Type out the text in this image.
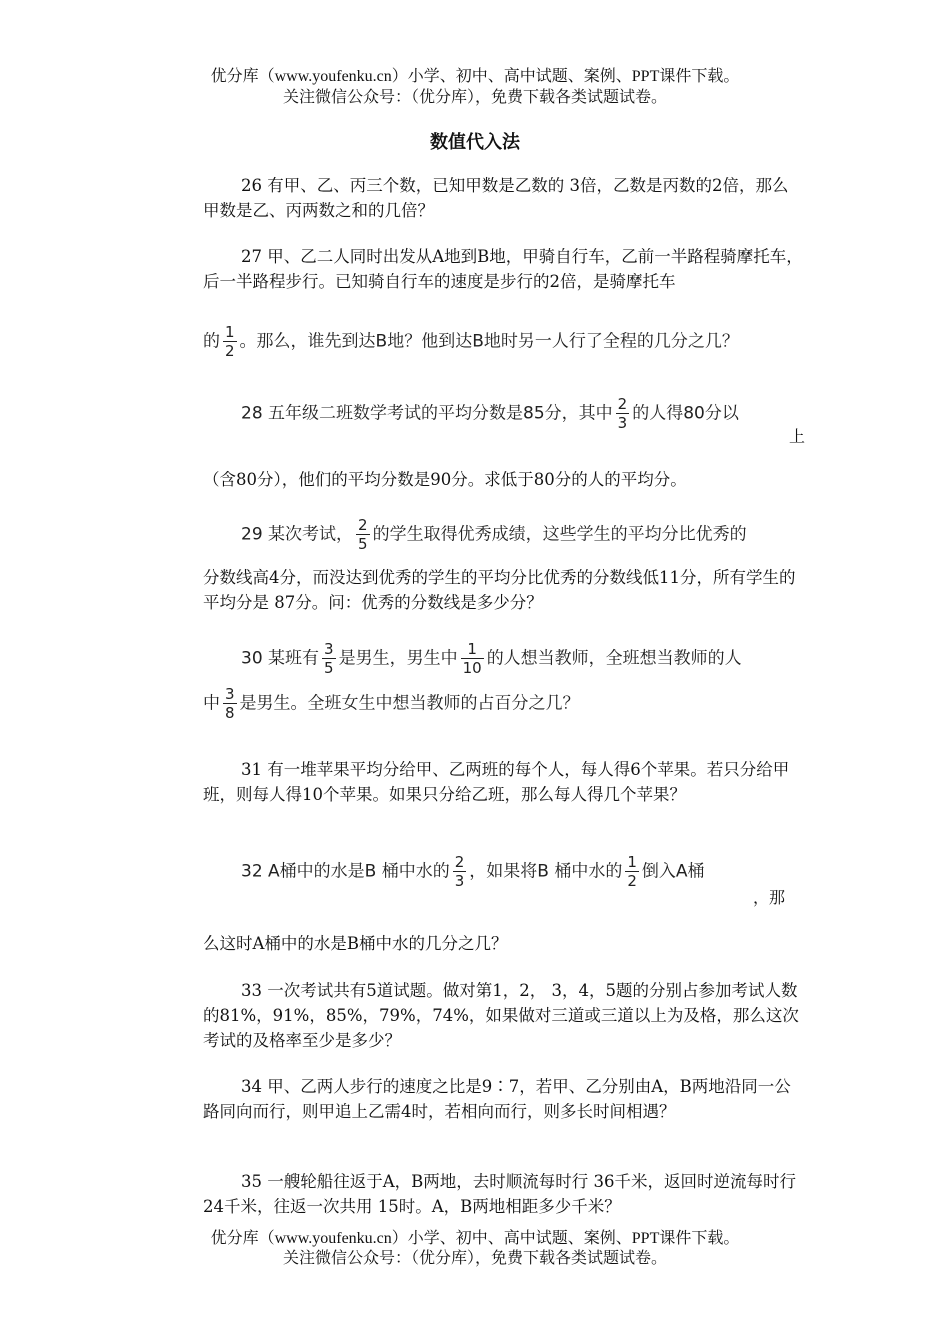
优分库（www.youfenku.cn）小学、初中、高中试题、案例、PPT课件下载。
关注微信公众号：（优分库），免费下载各类试题试卷。
数值代入法

26 有甲、乙、丙三个数，已知甲数是乙数的 3倍，乙数是丙数的2倍，那么甲数是乙、丙两数之和的几倍？

27 甲、乙二人同时出发从A地到B地，甲骑自行车，乙前一半路程骑摩托车，后一半路程步行。已知骑自行车的速度是步行的2倍，是骑摩托车

的 $\frac{1}{2}$ 。那么，谁先到达B地？他到达B地时另一人行了全程的几分之几？
28 五年级二班数学考试的平均分数是85分，其中 $\frac{2}{3}$ 的人得80分以
上
（含80分），他们的平均分数是90分。求低于80分的人的平均分。
29 某次考试， $\frac{2}{5}$ 的学生取得优秀成绩，这些学生的平均分比优秀的

分数线高4分，而没达到优秀的学生的平均分比优秀的分数线低11分，所有学生的平均分是 87分。问：优秀的分数线是多少分？

30 某班有 $\frac{3}{5}$ 是男生，男生中 $\frac{1}{10}$ 的人想当教师，全班想当教师的人
中 $\frac{3}{8}$ 是男生。全班女生中想当教师的占百分之几？

31 有一堆苹果平均分给甲、乙两班的每个人，每人得6个苹果。若只分给甲班，则每人得10个苹果。如果只分给乙班，那么每人得几个苹果？

32 A桶中的水是B 桶中水的 $\frac{2}{3}$ ，如果将B 桶中水的 $\frac{1}{2}$ 倒入A桶
，那
么这时A桶中的水是B桶中水的几分之几？

33 一次考试共有5道试题。做对第1，2， 3，4，5题的分别占参加考试人数的81%，91%，85%，79%，74%，如果做对三道或三道以上为及格，那么这次考试的及格率至少是多少？

34 甲、乙两人步行的速度之比是9∶7，若甲、乙分别由A，B两地沿同一公路同向而行，则甲追上乙需4时，若相向而行，则多长时间相遇？

35 一艘轮船往返于A，B两地，去时顺流每时行 36千米，返回时逆流每时行 24千米，往返一次共用 15时。A，B两地相距多少千米？

优分库（www.youfenku.cn）小学、初中、高中试题、案例、PPT课件下载。
关注微信公众号：（优分库），免费下载各类试题试卷。
